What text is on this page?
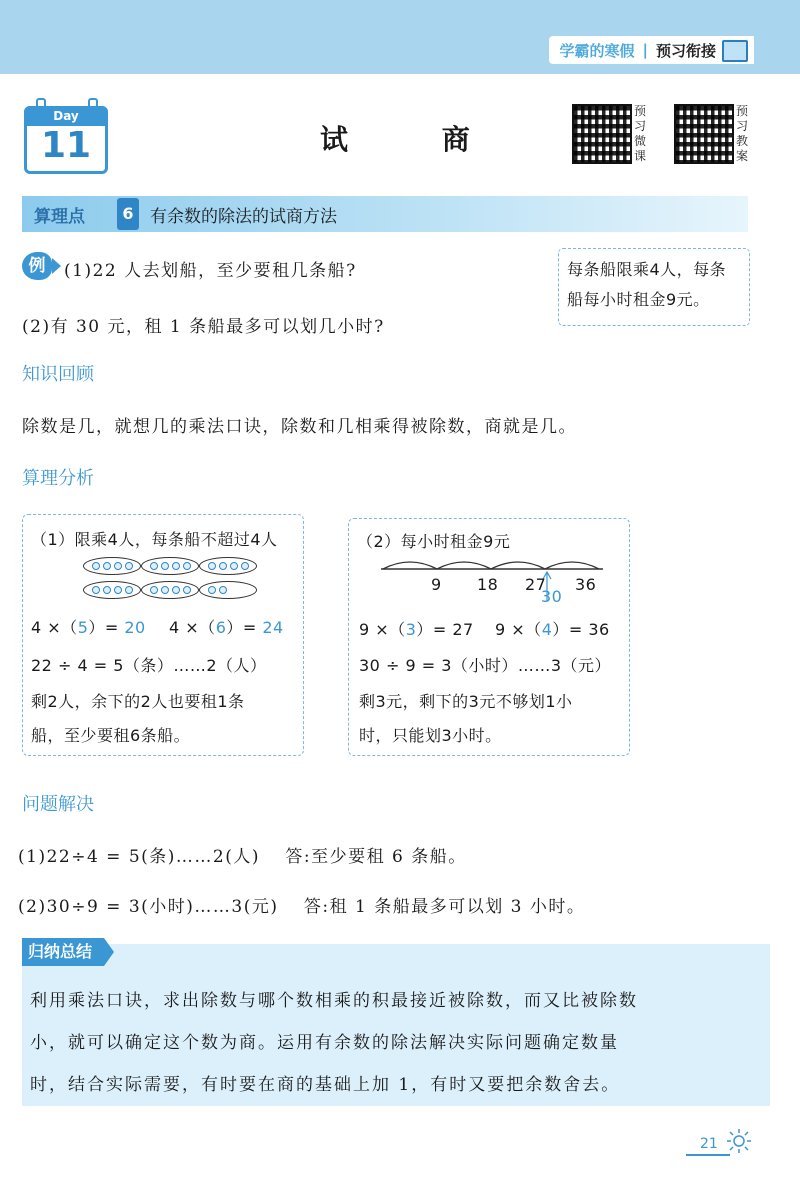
学霸的寒假 | 预习衔接
Day
11	试 商
预习微课
预习教案
算理点	6 有余数的除法的试商方法
例	(1)22 人去划船，至少要租几条船?
(2)有 30 元，租 1 条船最多可以划几小时?
每条船限乘4人，每条
船每小时租金9元。
知识回顾
除数是几，就想几的乘法口诀，除数和几相乘得被除数，商就是几。
算理分析
（1）限乘4人，每条船不超过4人
4 ×（5）= 20 4 ×（6）= 24
22 ÷ 4 = 5（条）……2（人）
剩2人，余下的2人也要租1条
船，至少要租6条船。
（2）每小时租金9元
9 18 27 36
30
9 ×（3）= 27 9 ×（4）= 36
30 ÷ 9 = 3（小时）……3（元）
剩3元，剩下的3元不够划1小
时，只能划3小时。
问题解决
(1)22÷4 = 5(条)……2(人)　 答:至少要租 6 条船。
(2)30÷9 = 3(小时)……3(元)　 答:租 1 条船最多可以划 3 小时。
归纳总结
利用乘法口诀，求出除数与哪个数相乘的积最接近被除数，而又比被除数
小，就可以确定这个数为商。运用有余数的除法解决实际问题确定数量
时，结合实际需要，有时要在商的基础上加 1，有时又要把余数舍去。
21
